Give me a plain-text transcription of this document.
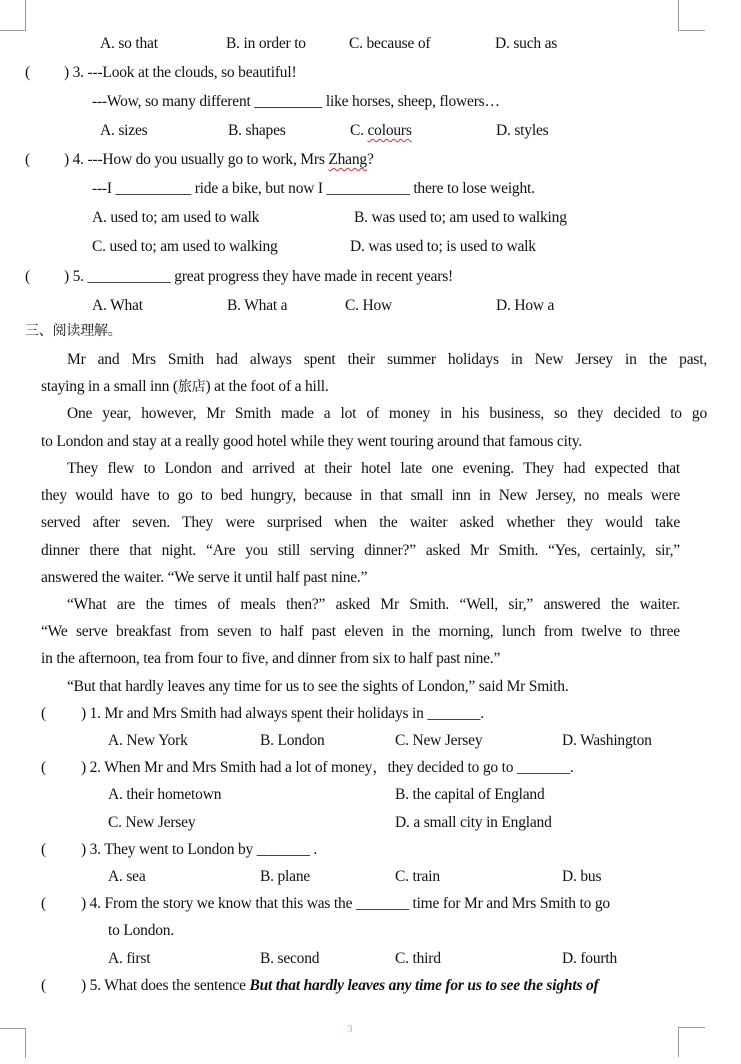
A. so that	B. in order to	C. because of	D. such as
( ) 3. ---Look at the clouds, so beautiful!
---Wow, so many different _________ like horses, sheep, flowers…
A. sizes	B. shapes	C. colours	D. styles
( ) 4. ---How do you usually go to work, Mrs Zhang?
---I __________ ride a bike, but now I ___________ there to lose weight.
A. used to; am used to walk	B. was used to; am used to walking
C. used to; am used to walking	D. was used to; is used to walk
( ) 5. ___________ great progress they have made in recent years!
A. What	B. What a	C. How	D. How a
三、阅读理解。
Mr and Mrs Smith had always spent their summer holidays in New Jersey in the past,
staying in a small inn (旅店) at the foot of a hill.
One year, however, Mr Smith made a lot of money in his business, so they decided to go
to London and stay at a really good hotel while they went touring around that famous city.
They flew to London and arrived at their hotel late one evening. They had expected that
they would have to go to bed hungry, because in that small inn in New Jersey, no meals were
served after seven. They were surprised when the waiter asked whether they would take
dinner there that night. “Are you still serving dinner?” asked Mr Smith. “Yes, certainly, sir,”
answered the waiter. “We serve it until half past nine.”
“What are the times of meals then?” asked Mr Smith. “Well, sir,” answered the waiter.
“We serve breakfast from seven to half past eleven in the morning, lunch from twelve to three
in the afternoon, tea from four to five, and dinner from six to half past nine.”
“But that hardly leaves any time for us to see the sights of London,” said Mr Smith.
( ) 1. Mr and Mrs Smith had always spent their holidays in _______.
A. New York	B. London	C. New Jersey	D. Washington
( ) 2. When Mr and Mrs Smith had a lot of money，they decided to go to _______.
A. their hometown	B. the capital of England
C. New Jersey	D. a small city in England
( ) 3. They went to London by _______ .
A. sea	B. plane	C. train	D. bus
( ) 4. From the story we know that this was the _______ time for Mr and Mrs Smith to go
to London.
A. first	B. second	C. third	D. fourth
( ) 5. What does the sentence But that hardly leaves any time for us to see the sights of
3
